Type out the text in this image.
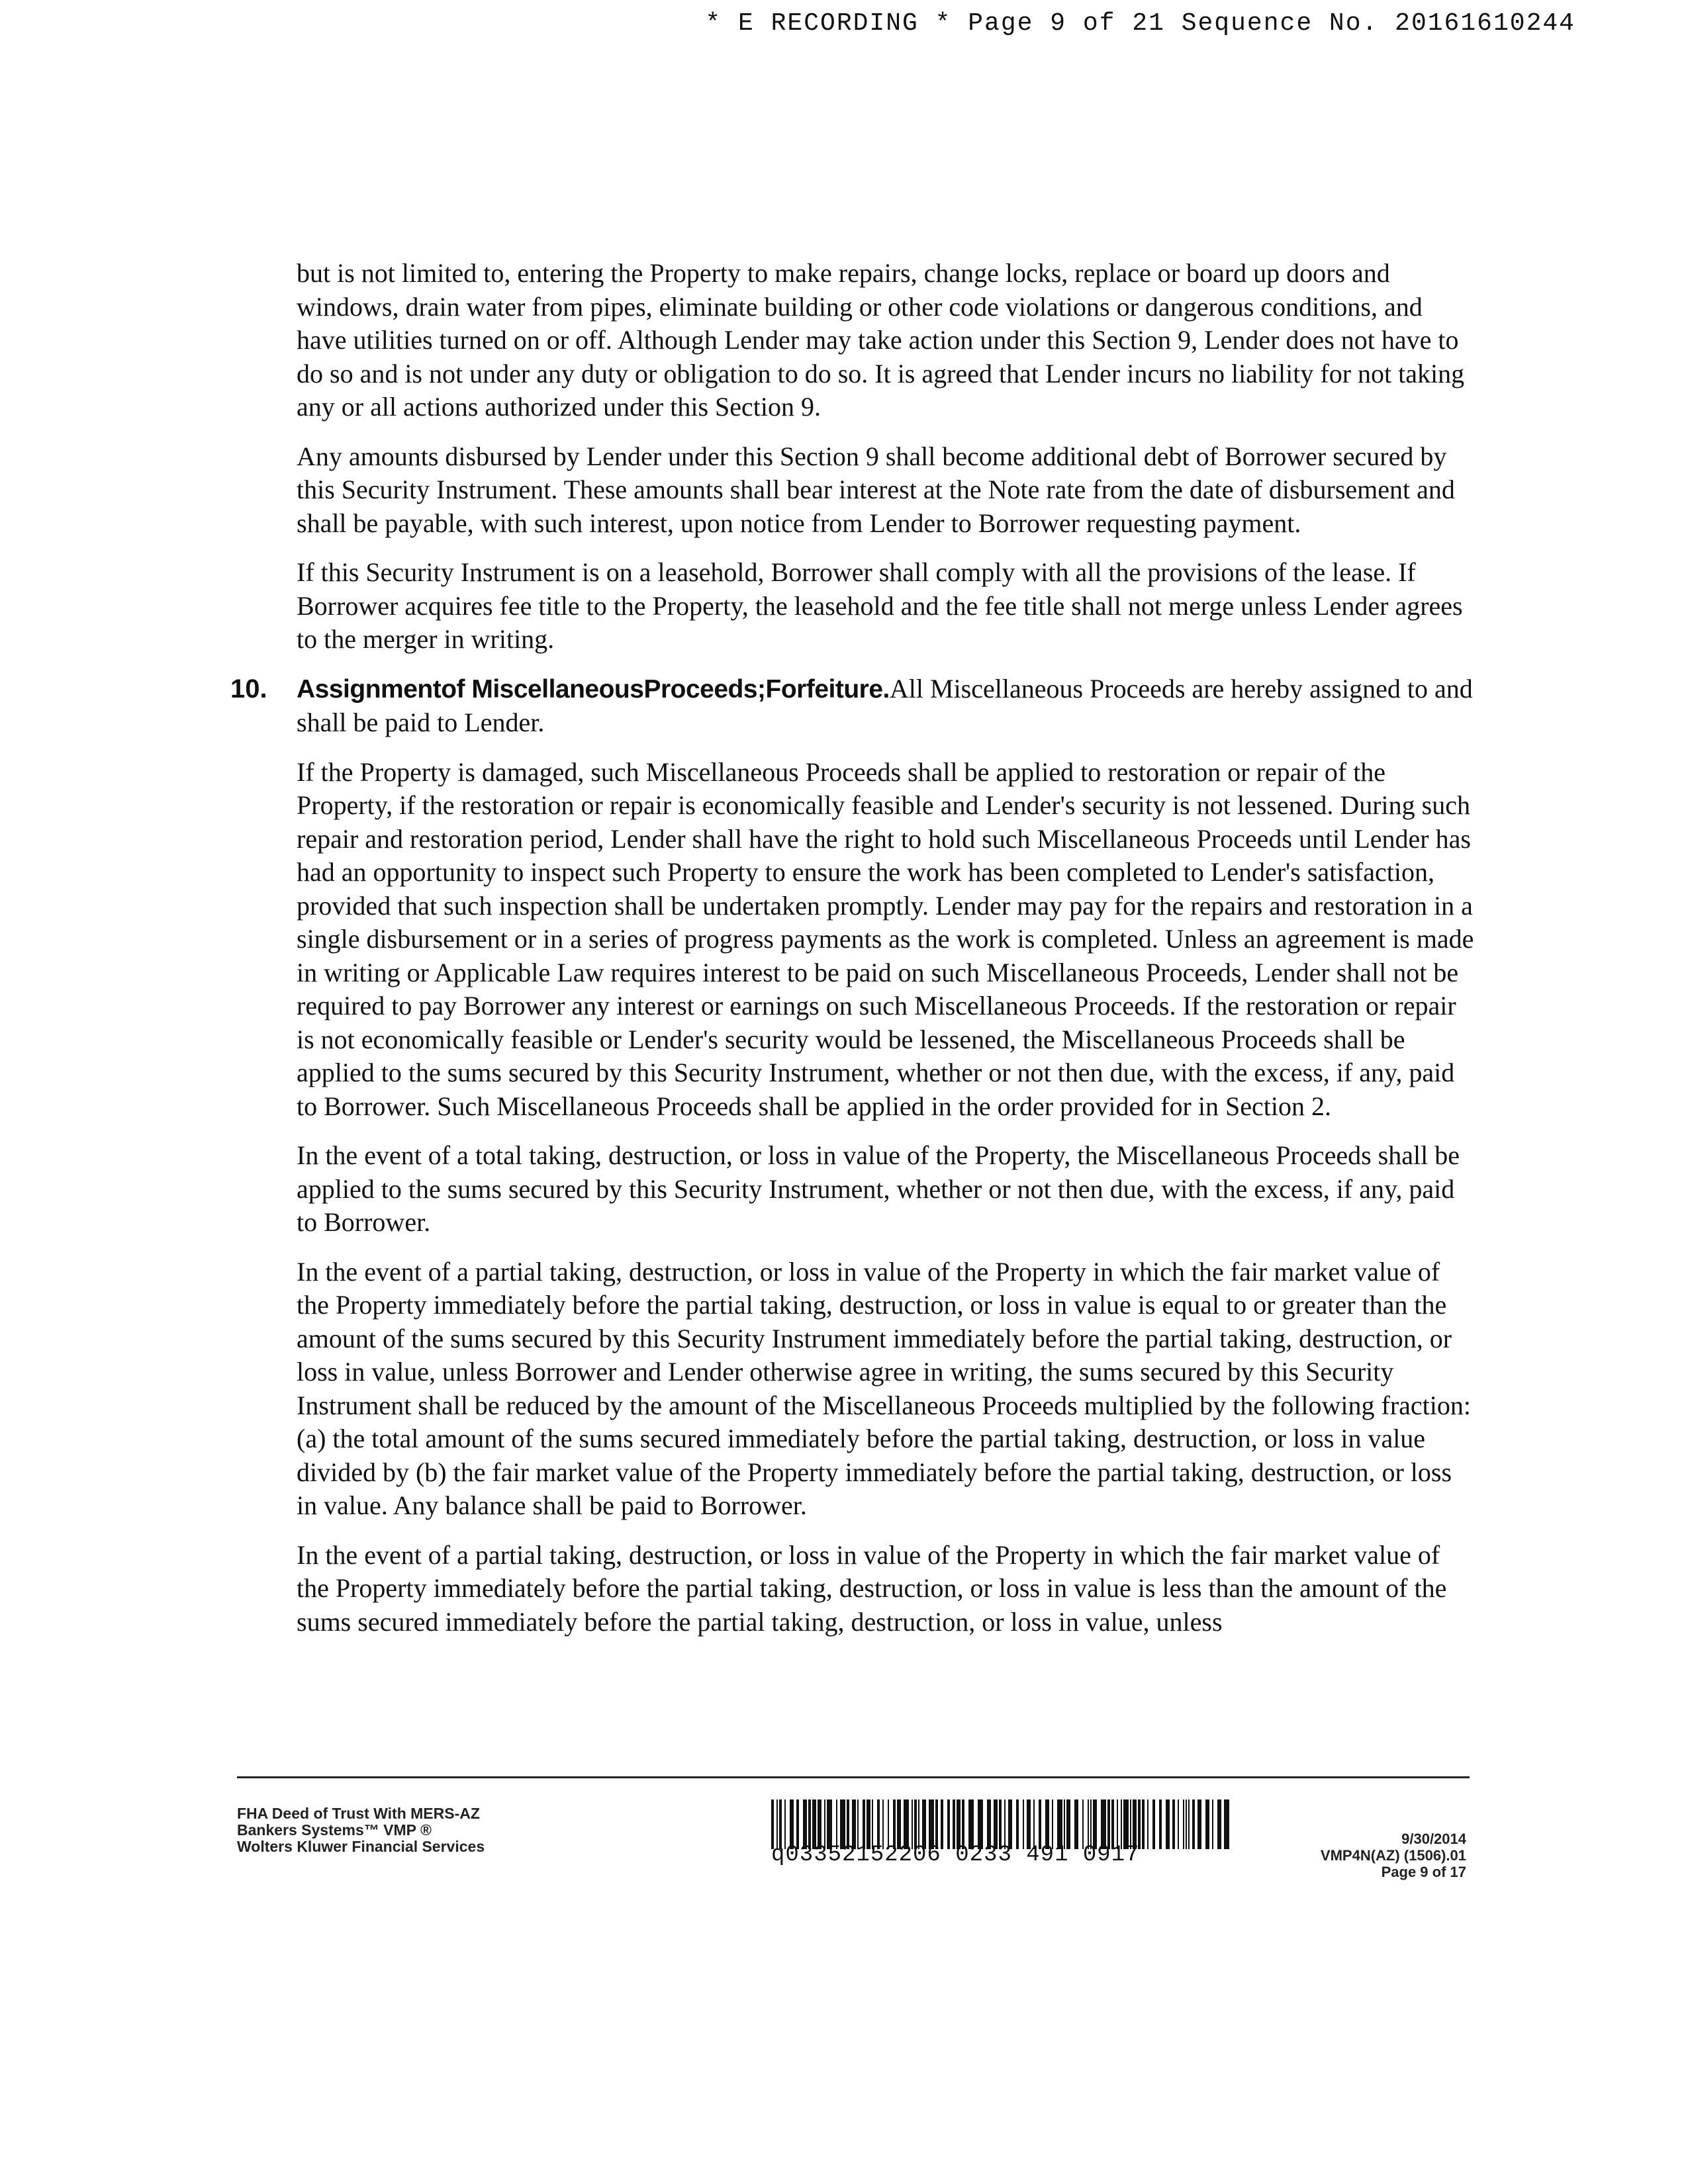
* E RECORDING * Page 9 of 21 Sequence No. 20161610244

but is not limited to, entering the Property to make repairs, change locks, replace or board up doors and windows, drain water from pipes, eliminate building or other code violations or dangerous conditions, and have utilities turned on or off. Although Lender may take action under this Section 9, Lender does not have to do so and is not under any duty or obligation to do so. It is agreed that Lender incurs no liability for not taking any or all actions authorized under this Section 9.

Any amounts disbursed by Lender under this Section 9 shall become additional debt of Borrower secured by this Security Instrument. These amounts shall bear interest at the Note rate from the date of disbursement and shall be payable, with such interest, upon notice from Lender to Borrower requesting payment.

If this Security Instrument is on a leasehold, Borrower shall comply with all the provisions of the lease. If Borrower acquires fee title to the Property, the leasehold and the fee title shall not merge unless Lender agrees to the merger in writing.

10. Assignmentof MiscellaneousProceeds;Forfeiture.All Miscellaneous Proceeds are hereby assigned to and shall be paid to Lender.

If the Property is damaged, such Miscellaneous Proceeds shall be applied to restoration or repair of the Property, if the restoration or repair is economically feasible and Lender's security is not lessened. During such repair and restoration period, Lender shall have the right to hold such Miscellaneous Proceeds until Lender has had an opportunity to inspect such Property to ensure the work has been completed to Lender's satisfaction, provided that such inspection shall be undertaken promptly. Lender may pay for the repairs and restoration in a single disbursement or in a series of progress payments as the work is completed. Unless an agreement is made in writing or Applicable Law requires interest to be paid on such Miscellaneous Proceeds, Lender shall not be required to pay Borrower any interest or earnings on such Miscellaneous Proceeds. If the restoration or repair is not economically feasible or Lender's security would be lessened, the Miscellaneous Proceeds shall be applied to the sums secured by this Security Instrument, whether or not then due, with the excess, if any, paid to Borrower. Such Miscellaneous Proceeds shall be applied in the order provided for in Section 2.

In the event of a total taking, destruction, or loss in value of the Property, the Miscellaneous Proceeds shall be applied to the sums secured by this Security Instrument, whether or not then due, with the excess, if any, paid to Borrower.

In the event of a partial taking, destruction, or loss in value of the Property in which the fair market value of the Property immediately before the partial taking, destruction, or loss in value is equal to or greater than the amount of the sums secured by this Security Instrument immediately before the partial taking, destruction, or loss in value, unless Borrower and Lender otherwise agree in writing, the sums secured by this Security Instrument shall be reduced by the amount of the Miscellaneous Proceeds multiplied by the following fraction: (a) the total amount of the sums secured immediately before the partial taking, destruction, or loss in value divided by (b) the fair market value of the Property immediately before the partial taking, destruction, or loss in value. Any balance shall be paid to Borrower.

In the event of a partial taking, destruction, or loss in value of the Property in which the fair market value of the Property immediately before the partial taking, destruction, or loss in value is less than the amount of the sums secured immediately before the partial taking, destruction, or loss in value, unless

FHA Deed of Trust With MERS-AZ
Bankers Systems™ VMP ®
Wolters Kluwer Financial Services	q03352152206 0233 491 0917
9/30/2014
VMP4N(AZ) (1506).01
Page 9 of 17
